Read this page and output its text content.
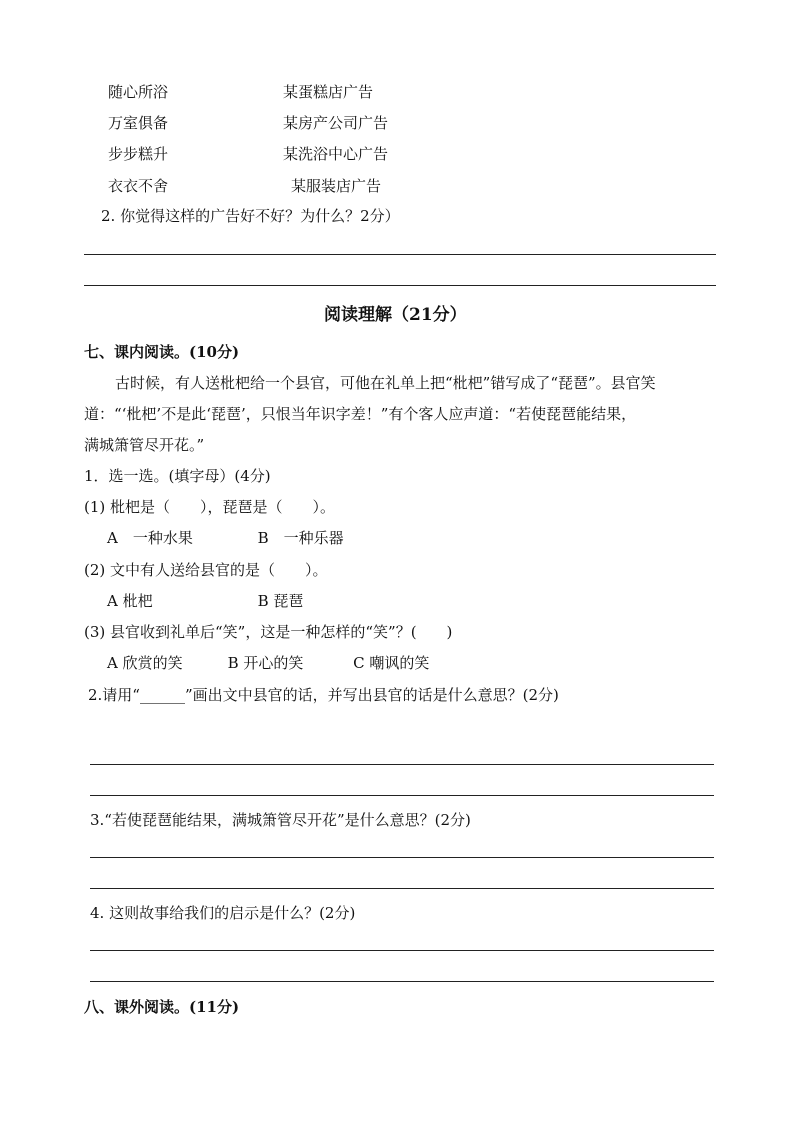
随心所浴	某蛋糕店广告
万室俱备	某房产公司广告
步步糕升	某洗浴中心广告
衣衣不舍	某服装店广告
2. 你觉得这样的广告好不好？为什么？2分）
阅读理解（21分）
七、课内阅读。(10分)
古时候，有人送枇杷给一个县官，可他在礼单上把“枇杷”错写成了“琵琶”。县官笑
道：“‘枇杷’不是此‘琵琶’，只恨当年识字差！”有个客人应声道：“若使琵琶能结果，
满城箫管尽开花。”
1．选一选。(填字母）(4分)
(1) 枇杷是（　　），琵琶是（　　）。
A　一种水果　　　　 B　一种乐器
(2) 文中有人送给县官的是（　　）。
A 枇杷　　　　　　　B 琵琶
(3) 县官收到礼单后“笑”，这是一种怎样的“笑”？(　　)
A 欣赏的笑　　　B 开心的笑　　　 C 嘲讽的笑
2.请用“______”画出文中县官的话，并写出县官的话是什么意思？(2分)
3.“若使琵琶能结果，满城箫管尽开花”是什么意思？(2分)
4. 这则故事给我们的启示是什么？(2分)
八、课外阅读。(11分)
